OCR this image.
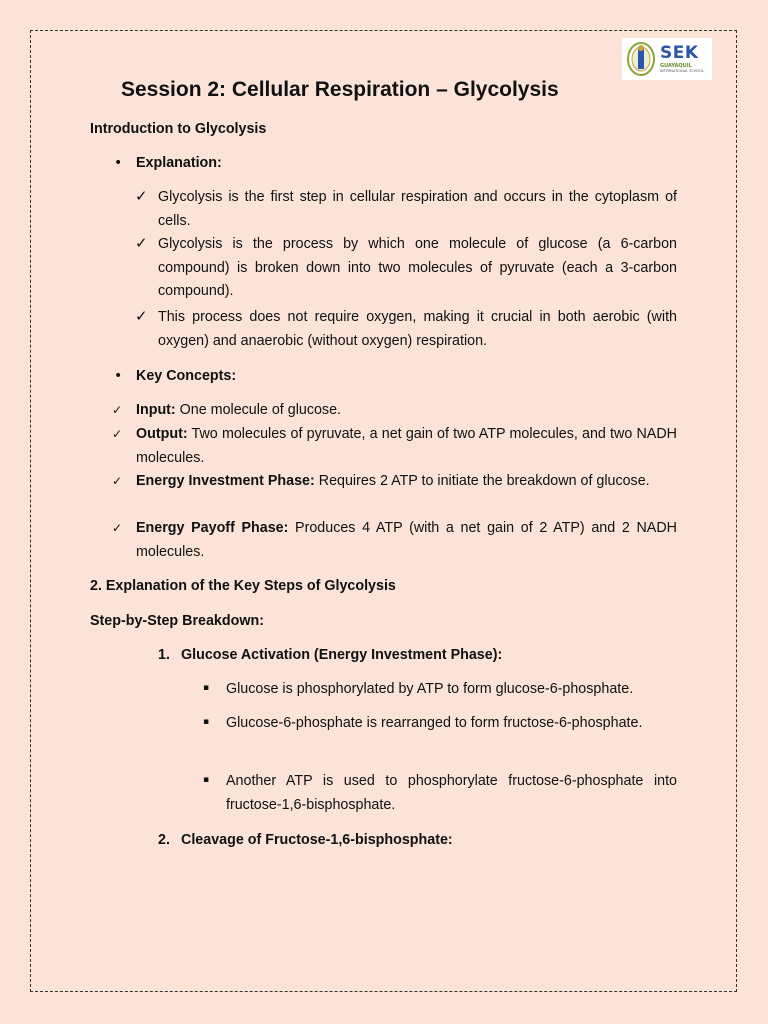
SEK
GUAYAQUIL
INTERNATIONAL SCHOOL
Session 2: Cellular Respiration – Glycolysis
Introduction to Glycolysis
• Explanation:
✓ Glycolysis is the first step in cellular respiration and occurs in the cytoplasm of cells.
✓ Glycolysis is the process by which one molecule of glucose (a 6-carbon compound) is broken down into two molecules of pyruvate (each a 3-carbon compound).
✓ This process does not require oxygen, making it crucial in both aerobic (with oxygen) and anaerobic (without oxygen) respiration.
• Key Concepts:
✓ Input: One molecule of glucose.
✓ Output: Two molecules of pyruvate, a net gain of two ATP molecules, and two NADH molecules.
✓ Energy Investment Phase: Requires 2 ATP to initiate the breakdown of glucose.
✓ Energy Payoff Phase: Produces 4 ATP (with a net gain of 2 ATP) and 2 NADH molecules.
2. Explanation of the Key Steps of Glycolysis
Step-by-Step Breakdown:
1. Glucose Activation (Energy Investment Phase):
▪ Glucose is phosphorylated by ATP to form glucose-6-phosphate.
▪ Glucose-6-phosphate is rearranged to form fructose-6-phosphate.
▪ Another ATP is used to phosphorylate fructose-6-phosphate into fructose-1,6-bisphosphate.
2. Cleavage of Fructose-1,6-bisphosphate:
